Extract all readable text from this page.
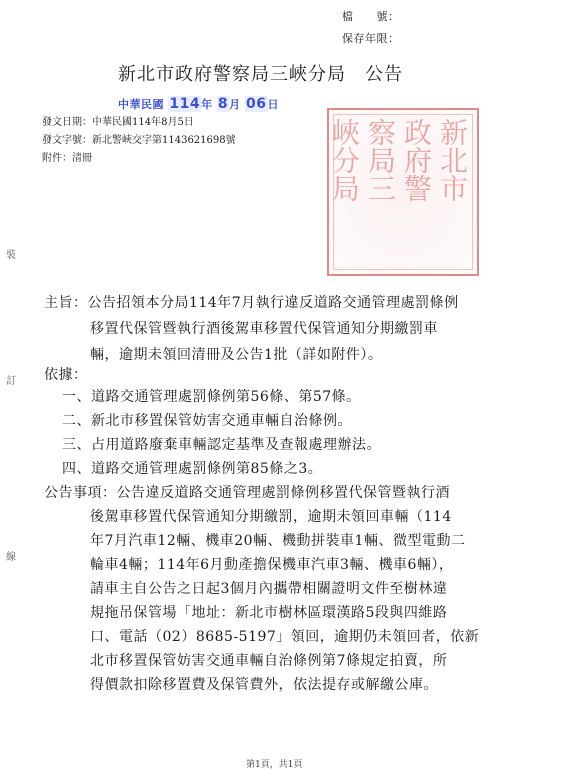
檔　　號：
保存年限：
新北市政府警察局三峽分局　公告
中華民國 114年 8月 06日
發文日期：中華民國114年8月5日
發文字號：新北警峽交字第1143621698號
附件：清冊	新北市
政府警
察局三
峽分局
裝
訂
線
主旨：公告招領本分局114年7月執行違反道路交通管理處罰條例
移置代保管暨執行酒後駕車移置代保管通知分期繳罰車
輛，逾期未領回清冊及公告1批（詳如附件）。
依據：
一、道路交通管理處罰條例第56條、第57條。
二、新北市移置保管妨害交通車輛自治條例。
三、占用道路廢棄車輛認定基準及查報處理辦法。
四、道路交通管理處罰條例第85條之3。
公告事項：公告違反道路交通管理處罰條例移置代保管暨執行酒
後駕車移置代保管通知分期繳罰，逾期未領回車輛（114
年7月汽車12輛、機車20輛、機動拼裝車1輛、微型電動二
輪車4輛；114年6月動產擔保機車汽車3輛、機車6輛），
請車主自公告之日起3個月內攜帶相關證明文件至樹林違
規拖吊保管場「地址：新北市樹林區環漢路5段與四維路
口、電話（02）8685-5197」領回，逾期仍未領回者，依新
北市移置保管妨害交通車輛自治條例第7條規定拍賣，所
得價款扣除移置費及保管費外，依法提存或解繳公庫。
第1頁，共1頁
